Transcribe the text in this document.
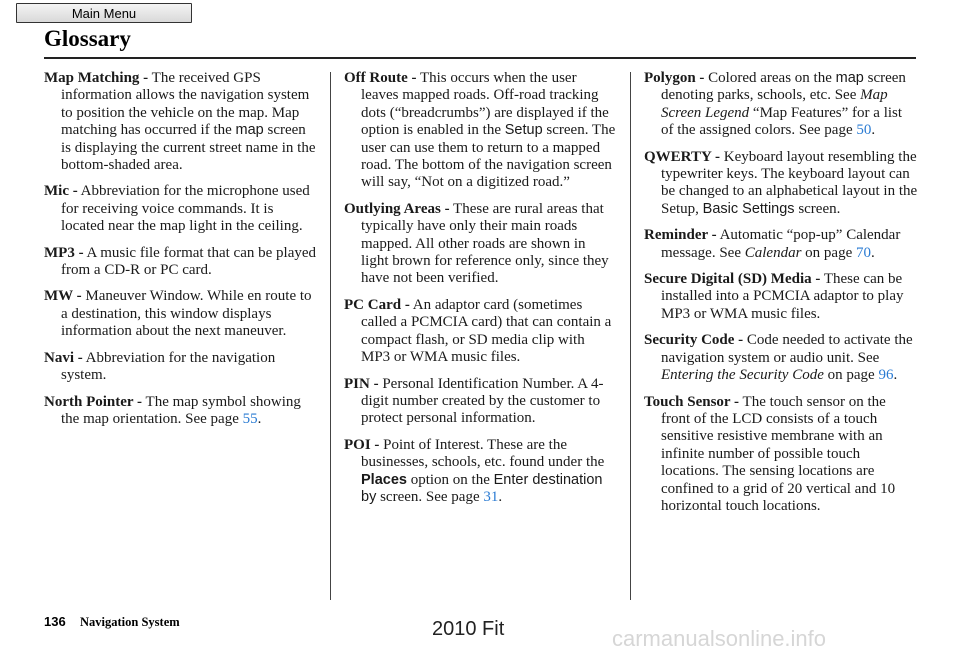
Main Menu
Glossary

Map Matching - The received GPS information allows the navigation system to position the vehicle on the map. Map matching has occurred if the map screen is displaying the current street name in the bottom-shaded area.

Mic - Abbreviation for the microphone used for receiving voice commands. It is located near the map light in the ceiling.

MP3 - A music file format that can be played from a CD-R or PC card.

MW - Maneuver Window. While en route to a destination, this window displays information about the next maneuver.

Navi - Abbreviation for the navigation system.

North Pointer - The map symbol showing the map orientation. See page 55.

Off Route - This occurs when the user leaves mapped roads. Off-road tracking dots (“breadcrumbs”) are displayed if the option is enabled in the Setup screen. The user can use them to return to a mapped road. The bottom of the navigation screen will say, “Not on a digitized road.”

Outlying Areas - These are rural areas that typically have only their main roads mapped. All other roads are shown in light brown for reference only, since they have not been verified.

PC Card - An adaptor card (sometimes called a PCMCIA card) that can contain a compact flash, or SD media clip with MP3 or WMA music files.

PIN - Personal Identification Number. A 4-digit number created by the customer to protect personal information.

POI - Point of Interest. These are the businesses, schools, etc. found under the Places option on the Enter destination by screen. See page 31.

Polygon - Colored areas on the map screen denoting parks, schools, etc. See Map Screen Legend “Map Features” for a list of the assigned colors. See page 50.

QWERTY - Keyboard layout resembling the typewriter keys. The keyboard layout can be changed to an alphabetical layout in the Setup, Basic Settings screen.

Reminder - Automatic “pop-up” Calendar message. See Calendar on page 70.

Secure Digital (SD) Media - These can be installed into a PCMCIA adaptor to play MP3 or WMA music files.

Security Code - Code needed to activate the navigation system or audio unit. See Entering the Security Code on page 96.

Touch Sensor - The touch sensor on the front of the LCD consists of a touch sensitive resistive membrane with an infinite number of possible touch locations. The sensing locations are confined to a grid of 20 vertical and 10 horizontal touch locations.

136 Navigation System	2010 Fit	carmanualsonline.info
